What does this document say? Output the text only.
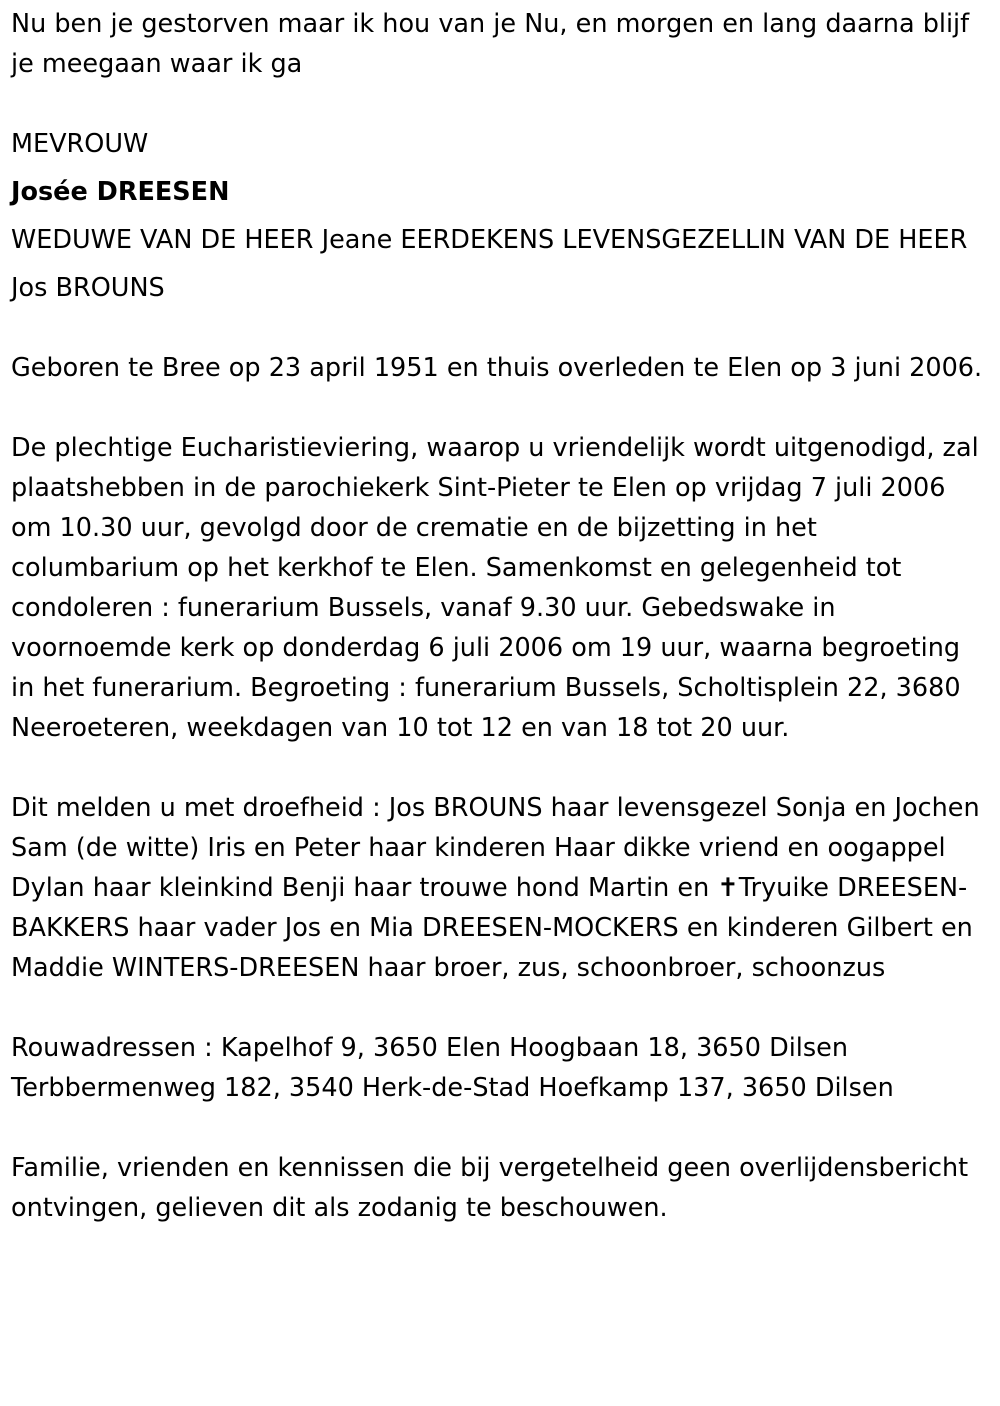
Nu ben je gestorven maar ik hou van je Nu, en morgen en lang daarna blijf je meegaan waar ik ga

MEVROUW

Josée DREESEN

WEDUWE VAN DE HEER Jeane EERDEKENS LEVENSGEZELLIN VAN DE HEER

Jos BROUNS

Geboren te Bree op 23 april 1951 en thuis overleden te Elen op 3 juni 2006.

De plechtige Eucharistieviering, waarop u vriendelijk wordt uitgenodigd, zal plaatshebben in de parochiekerk Sint-Pieter te Elen op vrijdag 7 juli 2006 om 10.30 uur, gevolgd door de crematie en de bijzetting in het columbarium op het kerkhof te Elen. Samenkomst en gelegenheid tot condoleren : funerarium Bussels, vanaf 9.30 uur. Gebedswake in voornoemde kerk op donderdag 6 juli 2006 om 19 uur, waarna begroeting in het funerarium. Begroeting : funerarium Bussels, Scholtisplein 22, 3680 Neeroeteren, weekdagen van 10 tot 12 en van 18 tot 20 uur.

Dit melden u met droefheid : Jos BROUNS haar levensgezel Sonja en Jochen Sam (de witte) Iris en Peter haar kinderen Haar dikke vriend en oogappel Dylan haar kleinkind Benji haar trouwe hond Martin en ✝Tryuike DREESEN-BAKKERS haar vader Jos en Mia DREESEN-MOCKERS en kinderen Gilbert en Maddie WINTERS-DREESEN haar broer, zus, schoonbroer, schoonzus

Rouwadressen : Kapelhof 9, 3650 Elen Hoogbaan 18, 3650 Dilsen Terbbermenweg 182, 3540 Herk-de-Stad Hoefkamp 137, 3650 Dilsen

Familie, vrienden en kennissen die bij vergetelheid geen overlijdensbericht ontvingen, gelieven dit als zodanig te beschouwen.
